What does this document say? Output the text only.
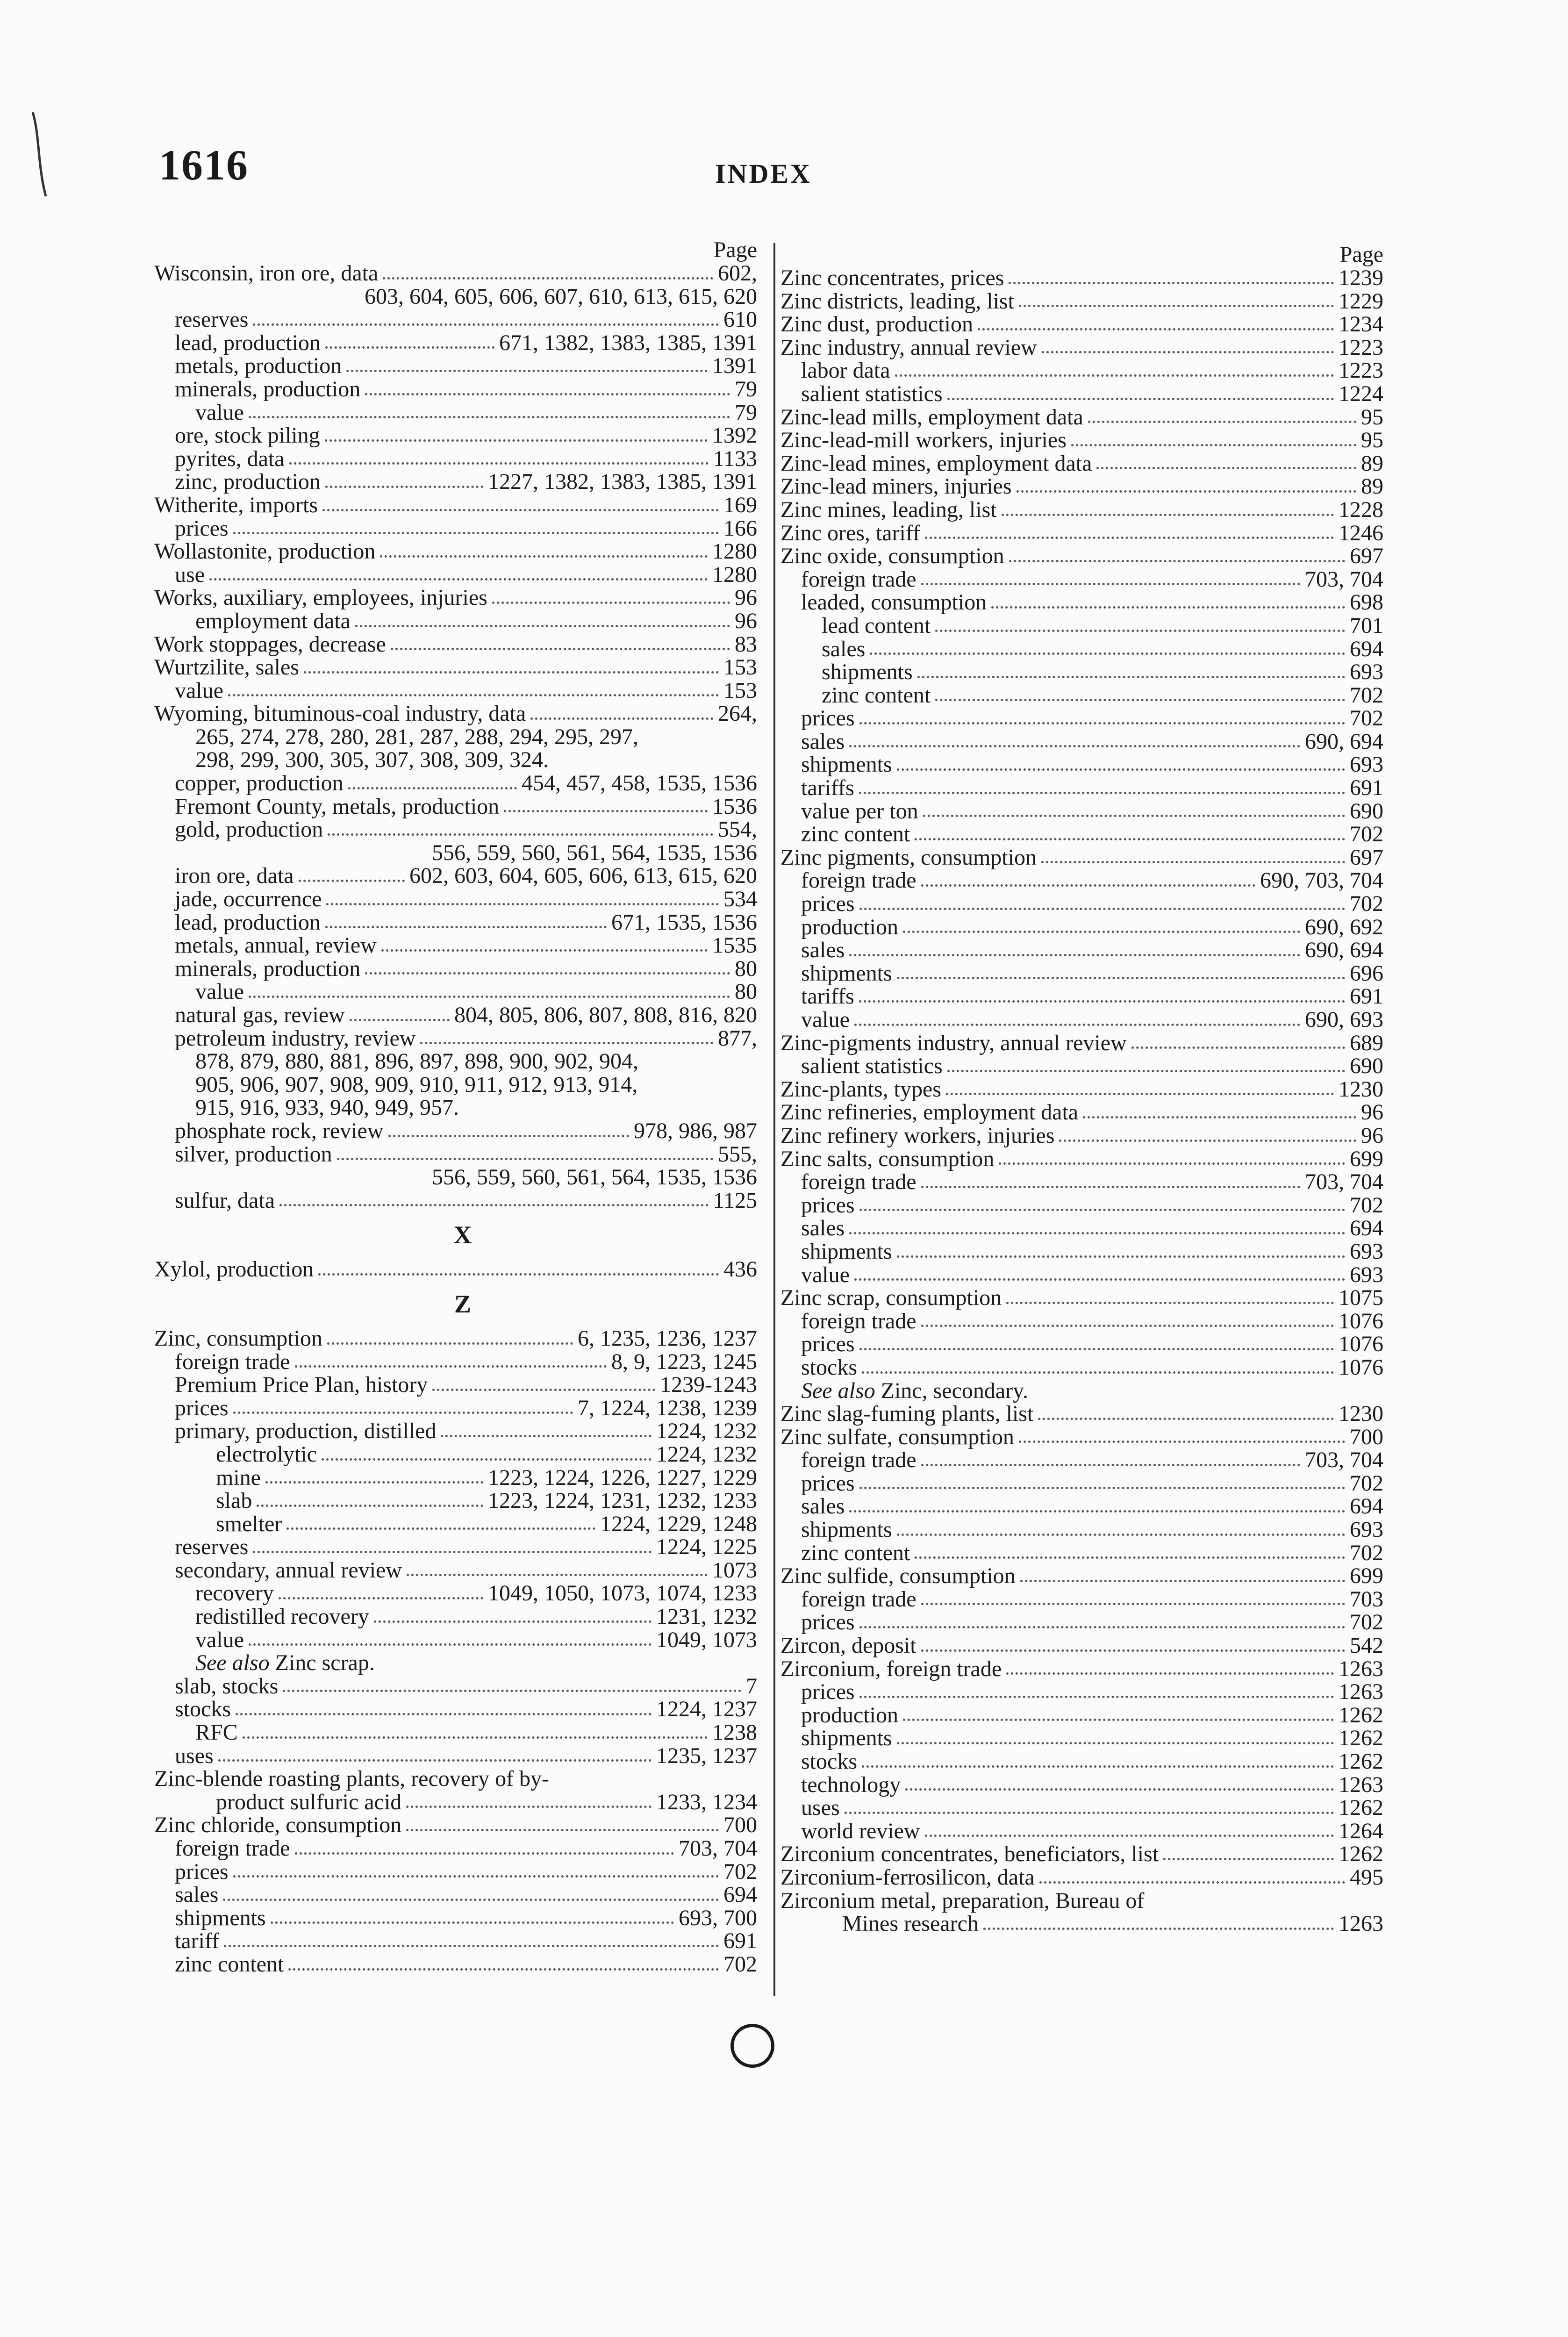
1616	INDEX
Page
Wisconsin, iron ore, data	602,
603, 604, 605, 606, 607, 610, 613, 615, 620
reserves	610
lead, production	671, 1382, 1383, 1385, 1391
metals, production	1391
minerals, production	79
value	79
ore, stock piling	1392
pyrites, data	1133
zinc, production	1227, 1382, 1383, 1385, 1391
Witherite, imports	169
prices	166
Wollastonite, production	1280
use	1280
Works, auxiliary, employees, injuries	96
employment data	96
Work stoppages, decrease	83
Wurtzilite, sales	153
value	153
Wyoming, bituminous-coal industry, data	264,
265, 274, 278, 280, 281, 287, 288, 294, 295, 297,
298, 299, 300, 305, 307, 308, 309, 324.
copper, production	454, 457, 458, 1535, 1536
Fremont County, metals, production	1536
gold, production	554,
556, 559, 560, 561, 564, 1535, 1536
iron ore, data	602, 603, 604, 605, 606, 613, 615, 620
jade, occurrence	534
lead, production	671, 1535, 1536
metals, annual, review	1535
minerals, production	80
value	80
natural gas, review	804, 805, 806, 807, 808, 816, 820
petroleum industry, review	877,
878, 879, 880, 881, 896, 897, 898, 900, 902, 904,
905, 906, 907, 908, 909, 910, 911, 912, 913, 914,
915, 916, 933, 940, 949, 957.
phosphate rock, review	978, 986, 987
silver, production	555,
556, 559, 560, 561, 564, 1535, 1536
sulfur, data	1125
X
Xylol, production	436
Z
Zinc, consumption	6, 1235, 1236, 1237
foreign trade	8, 9, 1223, 1245
Premium Price Plan, history	1239-1243
prices	7, 1224, 1238, 1239
primary, production, distilled	1224, 1232
electrolytic	1224, 1232
mine	1223, 1224, 1226, 1227, 1229
slab	1223, 1224, 1231, 1232, 1233
smelter	1224, 1229, 1248
reserves	1224, 1225
secondary, annual review	1073
recovery	1049, 1050, 1073, 1074, 1233
redistilled recovery	1231, 1232
value	1049, 1073
See also Zinc scrap.
slab, stocks	7
stocks	1224, 1237
RFC	1238
uses	1235, 1237
Zinc-blende roasting plants, recovery of by-
product sulfuric acid	1233, 1234
Zinc chloride, consumption	700
foreign trade	703, 704
prices	702
sales	694
shipments	693, 700
tariff	691
zinc content	702
Page
Zinc concentrates, prices	1239
Zinc districts, leading, list	1229
Zinc dust, production	1234
Zinc industry, annual review	1223
labor data	1223
salient statistics	1224
Zinc-lead mills, employment data	95
Zinc-lead-mill workers, injuries	95
Zinc-lead mines, employment data	89
Zinc-lead miners, injuries	89
Zinc mines, leading, list	1228
Zinc ores, tariff	1246
Zinc oxide, consumption	697
foreign trade	703, 704
leaded, consumption	698
lead content	701
sales	694
shipments	693
zinc content	702
prices	702
sales	690, 694
shipments	693
tariffs	691
value per ton	690
zinc content	702
Zinc pigments, consumption	697
foreign trade	690, 703, 704
prices	702
production	690, 692
sales	690, 694
shipments	696
tariffs	691
value	690, 693
Zinc-pigments industry, annual review	689
salient statistics	690
Zinc-plants, types	1230
Zinc refineries, employment data	96
Zinc refinery workers, injuries	96
Zinc salts, consumption	699
foreign trade	703, 704
prices	702
sales	694
shipments	693
value	693
Zinc scrap, consumption	1075
foreign trade	1076
prices	1076
stocks	1076
See also Zinc, secondary.
Zinc slag-fuming plants, list	1230
Zinc sulfate, consumption	700
foreign trade	703, 704
prices	702
sales	694
shipments	693
zinc content	702
Zinc sulfide, consumption	699
foreign trade	703
prices	702
Zircon, deposit	542
Zirconium, foreign trade	1263
prices	1263
production	1262
shipments	1262
stocks	1262
technology	1263
uses	1262
world review	1264
Zirconium concentrates, beneficiators, list	1262
Zirconium-ferrosilicon, data	495
Zirconium metal, preparation, Bureau of
Mines research	1263
